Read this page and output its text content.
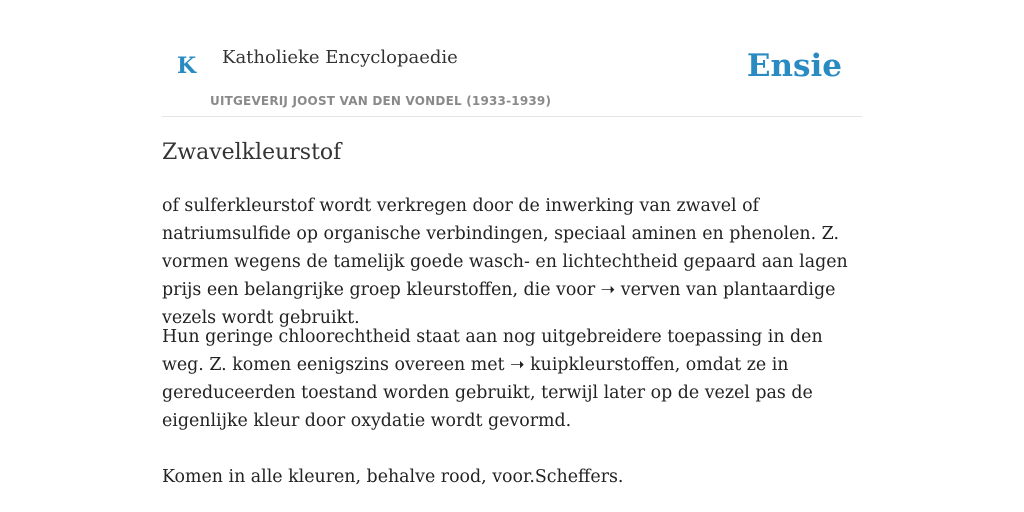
K Katholieke Encyclopaedie
UITGEVERIJ JOOST VAN DEN VONDEL (1933-1939)
Ensie
Zwavelkleurstof

of sulferkleurstof wordt verkregen door de inwerking van zwavel of natriumsulfide op organische verbindingen, speciaal aminen en phenolen. Z. vormen wegens de tamelijk goede wasch- en lichtechtheid gepaard aan lagen prijs een belangrijke groep kleurstoffen, die voor ➝ verven van plantaardige vezels wordt gebruikt.

Hun geringe chloorechtheid staat aan nog uitgebreidere toepassing in den weg. Z. komen eenigszins overeen met ➝ kuipkleurstoffen, omdat ze in gereduceerden toestand worden gebruikt, terwijl later op de vezel pas de eigenlijke kleur door oxydatie wordt gevormd.

Komen in alle kleuren, behalve rood, voor.Scheffers.
